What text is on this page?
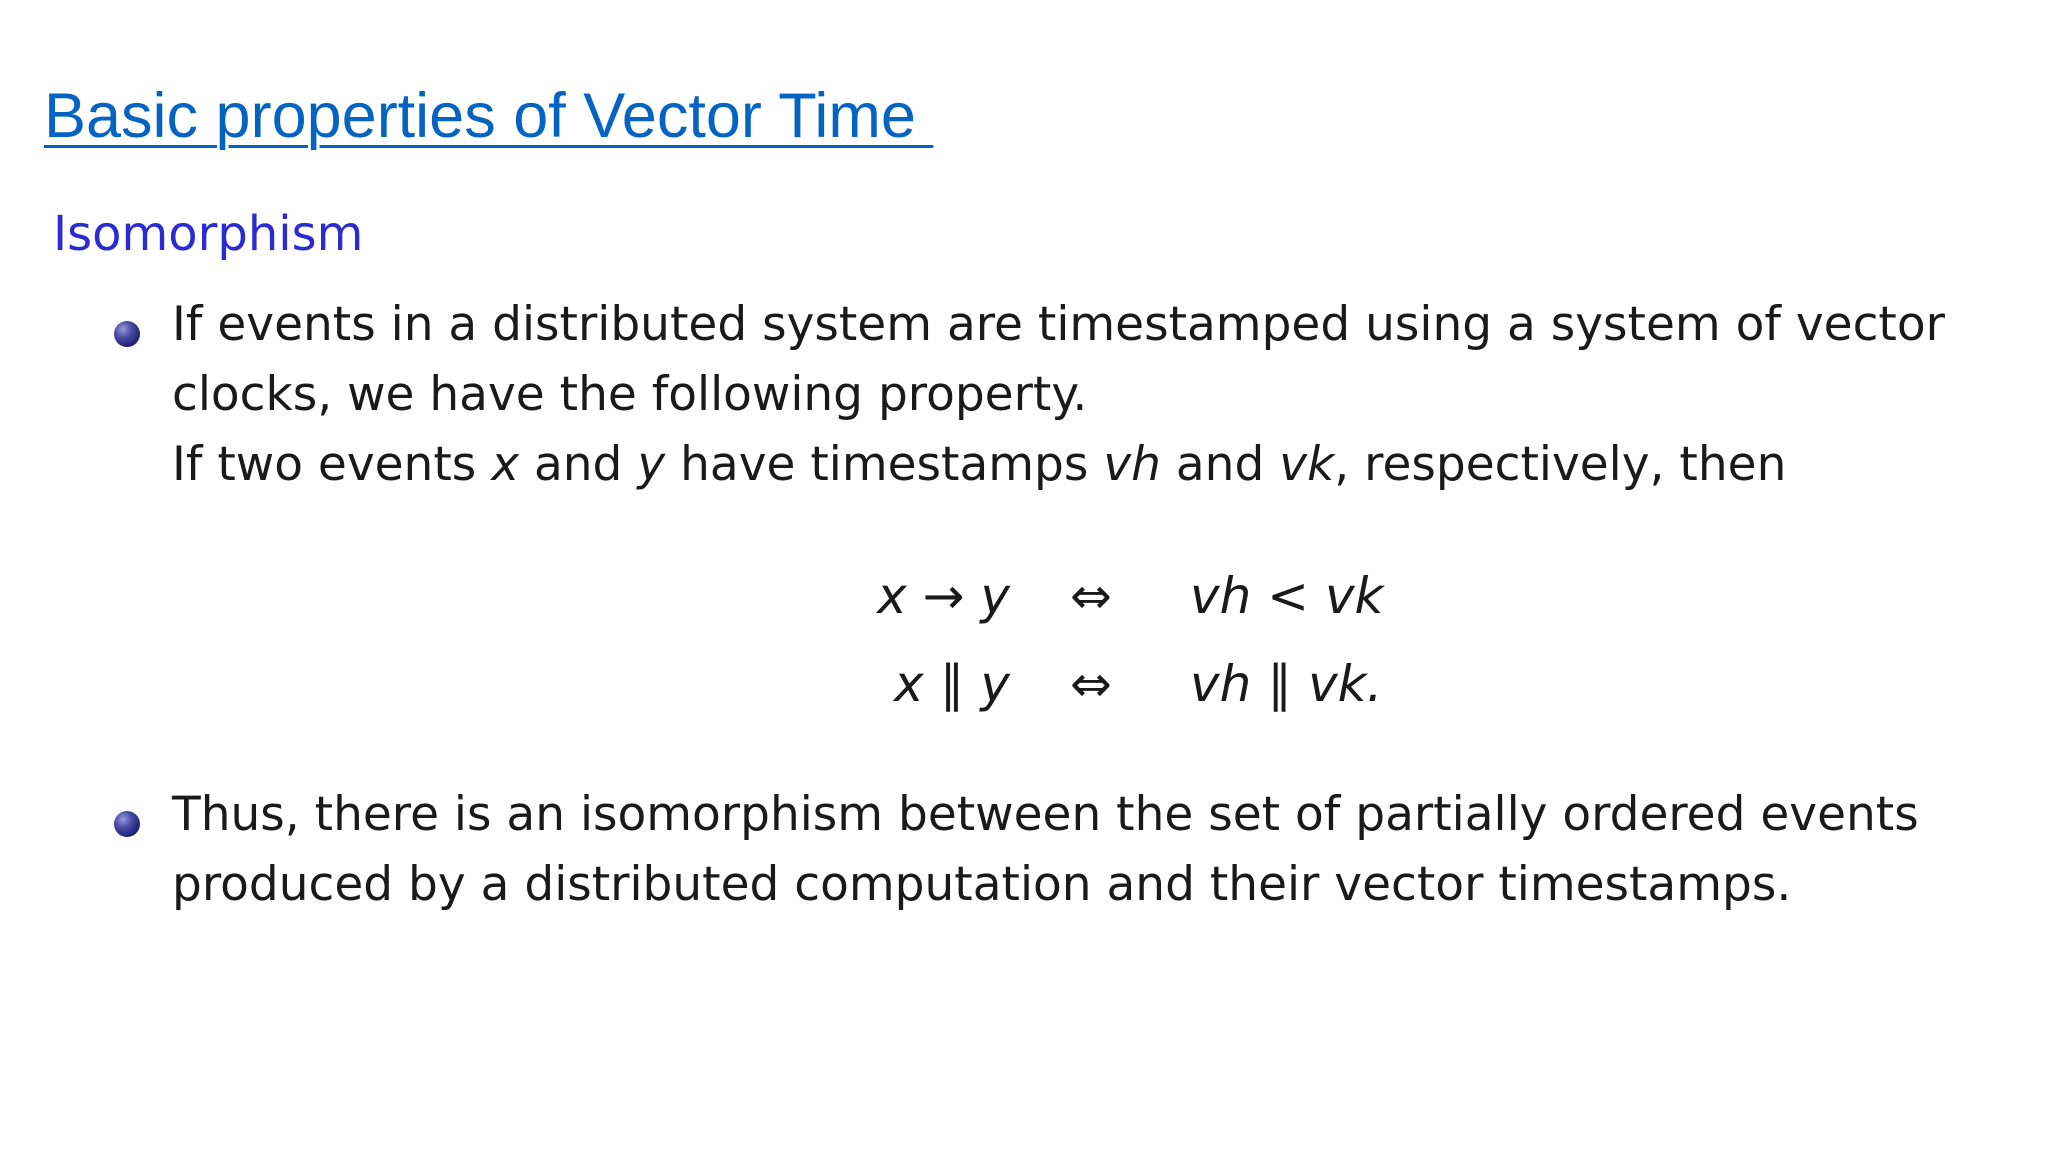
Basic properties of Vector Time
Isomorphism
If events in a distributed system are timestamped using a system of vector
clocks, we have the following property.
If two events x and y have timestamps vh and vk, respectively, then
x → y ⇔ vh < vk
x ∥ y ⇔ vh ∥ vk.
Thus, there is an isomorphism between the set of partially ordered events
produced by a distributed computation and their vector timestamps.
